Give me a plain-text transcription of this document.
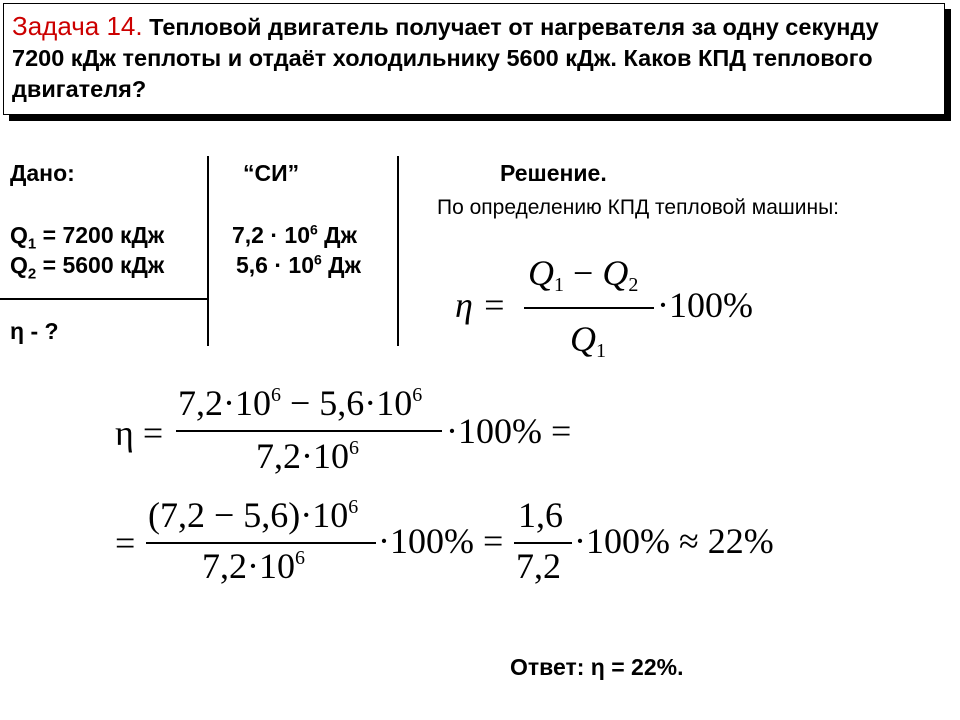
Задача 14. Тепловой двигатель получает от нагревателя за одну секунду 7200 кДж теплоты и отдаёт холодильнику 5600 кДж. Каков КПД теплового двигателя?
Дано:
$Q_1 = 7200$ кДж
$Q_2 = 5600$ кДж
η - ?
“СИ”
$7,2 \cdot 10^6$ Дж
$5,6 \cdot 10^6$ Дж
Решение.
По определению КПД тепловой машины:
η =
Q1 − Q2
Q1
·100%
η =
$7,2\cdot 10^6 - 5,6\cdot 10^6$
$7,2\cdot 10^6 \cdot 100\%$ =
=
$(7,2 - 5,6)\cdot 10^6$
$7,2\cdot 10^6 \cdot 100\%$ =
1,6
7,2
·100% ≈ 22%
Ответ: η = 22%.
